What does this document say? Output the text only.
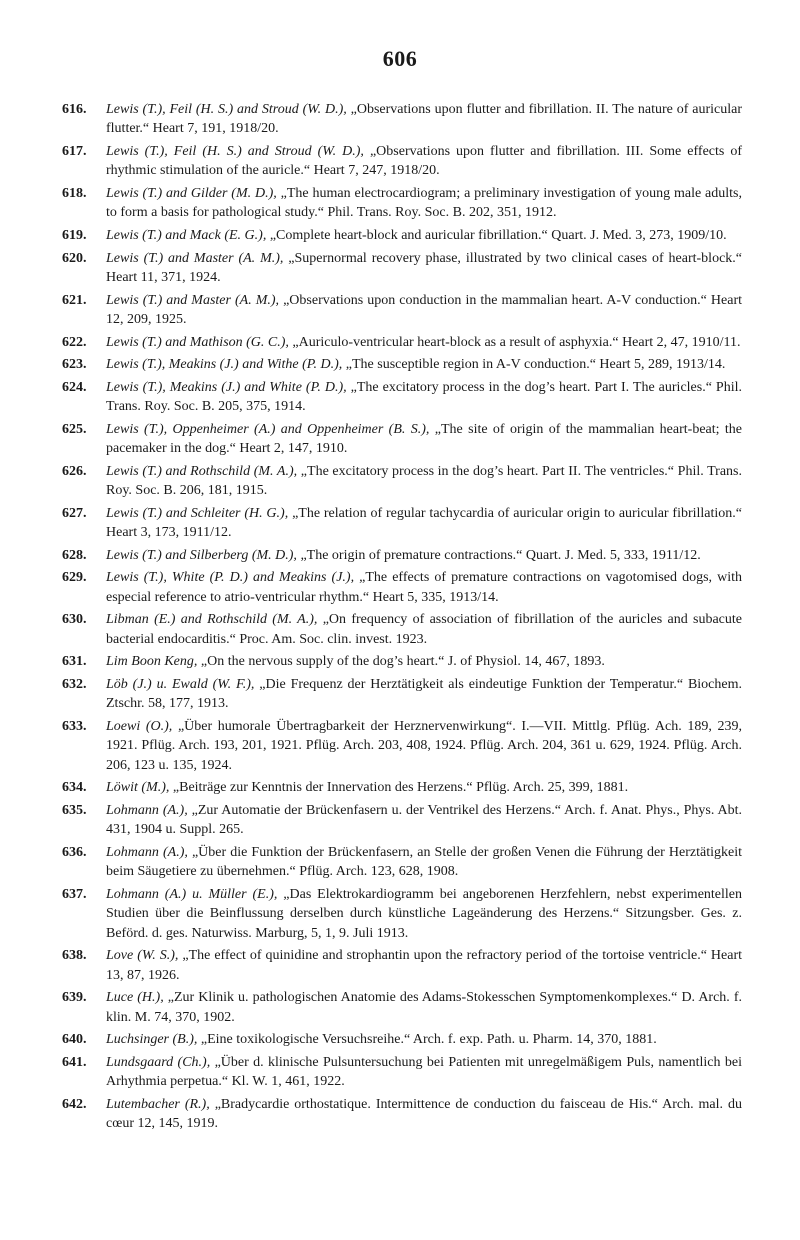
606
616. Lewis (T.), Feil (H. S.) and Stroud (W. D.), „Observations upon flutter and fibrillation. II. The nature of auricular flutter.“ Heart 7, 191, 1918/20.
617. Lewis (T.), Feil (H. S.) and Stroud (W. D.), „Observations upon flutter and fibrillation. III. Some effects of rhythmic stimulation of the auricle.“ Heart 7, 247, 1918/20.
618. Lewis (T.) and Gilder (M. D.), „The human electrocardiogram; a preliminary investigation of young male adults, to form a basis for pathological study.“ Phil. Trans. Roy. Soc. B. 202, 351, 1912.
619. Lewis (T.) and Mack (E. G.), „Complete heart-block and auricular fibrillation.“ Quart. J. Med. 3, 273, 1909/10.
620. Lewis (T.) and Master (A. M.), „Supernormal recovery phase, illustrated by two clinical cases of heart-block.“ Heart 11, 371, 1924.
621. Lewis (T.) and Master (A. M.), „Observations upon conduction in the mammalian heart. A-V conduction.“ Heart 12, 209, 1925.
622. Lewis (T.) and Mathison (G. C.), „Auriculo-ventricular heart-block as a result of asphyxia.“ Heart 2, 47, 1910/11.
623. Lewis (T.), Meakins (J.) and Withe (P. D.), „The susceptible region in A-V conduction.“ Heart 5, 289, 1913/14.
624. Lewis (T.), Meakins (J.) and White (P. D.), „The excitatory process in the dog’s heart. Part I. The auricles.“ Phil. Trans. Roy. Soc. B. 205, 375, 1914.
625. Lewis (T.), Oppenheimer (A.) and Oppenheimer (B. S.), „The site of origin of the mammalian heart-beat; the pacemaker in the dog.“ Heart 2, 147, 1910.
626. Lewis (T.) and Rothschild (M. A.), „The excitatory process in the dog’s heart. Part II. The ventricles.“ Phil. Trans. Roy. Soc. B. 206, 181, 1915.
627. Lewis (T.) and Schleiter (H. G.), „The relation of regular tachycardia of auricular origin to auricular fibrillation.“ Heart 3, 173, 1911/12.
628. Lewis (T.) and Silberberg (M. D.), „The origin of premature contractions.“ Quart. J. Med. 5, 333, 1911/12.
629. Lewis (T.), White (P. D.) and Meakins (J.), „The effects of premature contractions on vagotomised dogs, with especial reference to atrio-ventricular rhythm.“ Heart 5, 335, 1913/14.
630. Libman (E.) and Rothschild (M. A.), „On frequency of association of fibrillation of the auricles and subacute bacterial endocarditis.“ Proc. Am. Soc. clin. invest. 1923.
631. Lim Boon Keng, „On the nervous supply of the dog’s heart.“ J. of Physiol. 14, 467, 1893.
632. Löb (J.) u. Ewald (W. F.), „Die Frequenz der Herztätigkeit als eindeutige Funktion der Temperatur.“ Biochem. Ztschr. 58, 177, 1913.
633. Loewi (O.), „Über humorale Übertragbarkeit der Herznervenwirkung“. I.—VII. Mittlg. Pflüg. Ach. 189, 239, 1921. Pflüg. Arch. 193, 201, 1921. Pflüg. Arch. 203, 408, 1924. Pflüg. Arch. 204, 361 u. 629, 1924. Pflüg. Arch. 206, 123 u. 135, 1924.
634. Löwit (M.), „Beiträge zur Kenntnis der Innervation des Herzens.“ Pflüg. Arch. 25, 399, 1881.
635. Lohmann (A.), „Zur Automatie der Brückenfasern u. der Ventrikel des Herzens.“ Arch. f. Anat. Phys., Phys. Abt. 431, 1904 u. Suppl. 265.
636. Lohmann (A.), „Über die Funktion der Brückenfasern, an Stelle der großen Venen die Führung der Herztätigkeit beim Säugetiere zu übernehmen.“ Pflüg. Arch. 123, 628, 1908.
637. Lohmann (A.) u. Müller (E.), „Das Elektrokardiogramm bei angeborenen Herzfehlern, nebst experimentellen Studien über die Beinflussung derselben durch künstliche Lageänderung des Herzens.“ Sitzungsber. Ges. z. Beförd. d. ges. Naturwiss. Marburg, 5, 1, 9. Juli 1913.
638. Love (W. S.), „The effect of quinidine and strophantin upon the refractory period of the tortoise ventricle.“ Heart 13, 87, 1926.
639. Luce (H.), „Zur Klinik u. pathologischen Anatomie des Adams-Stokesschen Symptomenkomplexes.“ D. Arch. f. klin. M. 74, 370, 1902.
640. Luchsinger (B.), „Eine toxikologische Versuchsreihe.“ Arch. f. exp. Path. u. Pharm. 14, 370, 1881.
641. Lundsgaard (Ch.), „Über d. klinische Pulsuntersuchung bei Patienten mit unregelmäßigem Puls, namentlich bei Arhythmia perpetua.“ Kl. W. 1, 461, 1922.
642. Lutembacher (R.), „Bradycardie orthostatique. Intermittence de conduction du faisceau de His.“ Arch. mal. du cœur 12, 145, 1919.
